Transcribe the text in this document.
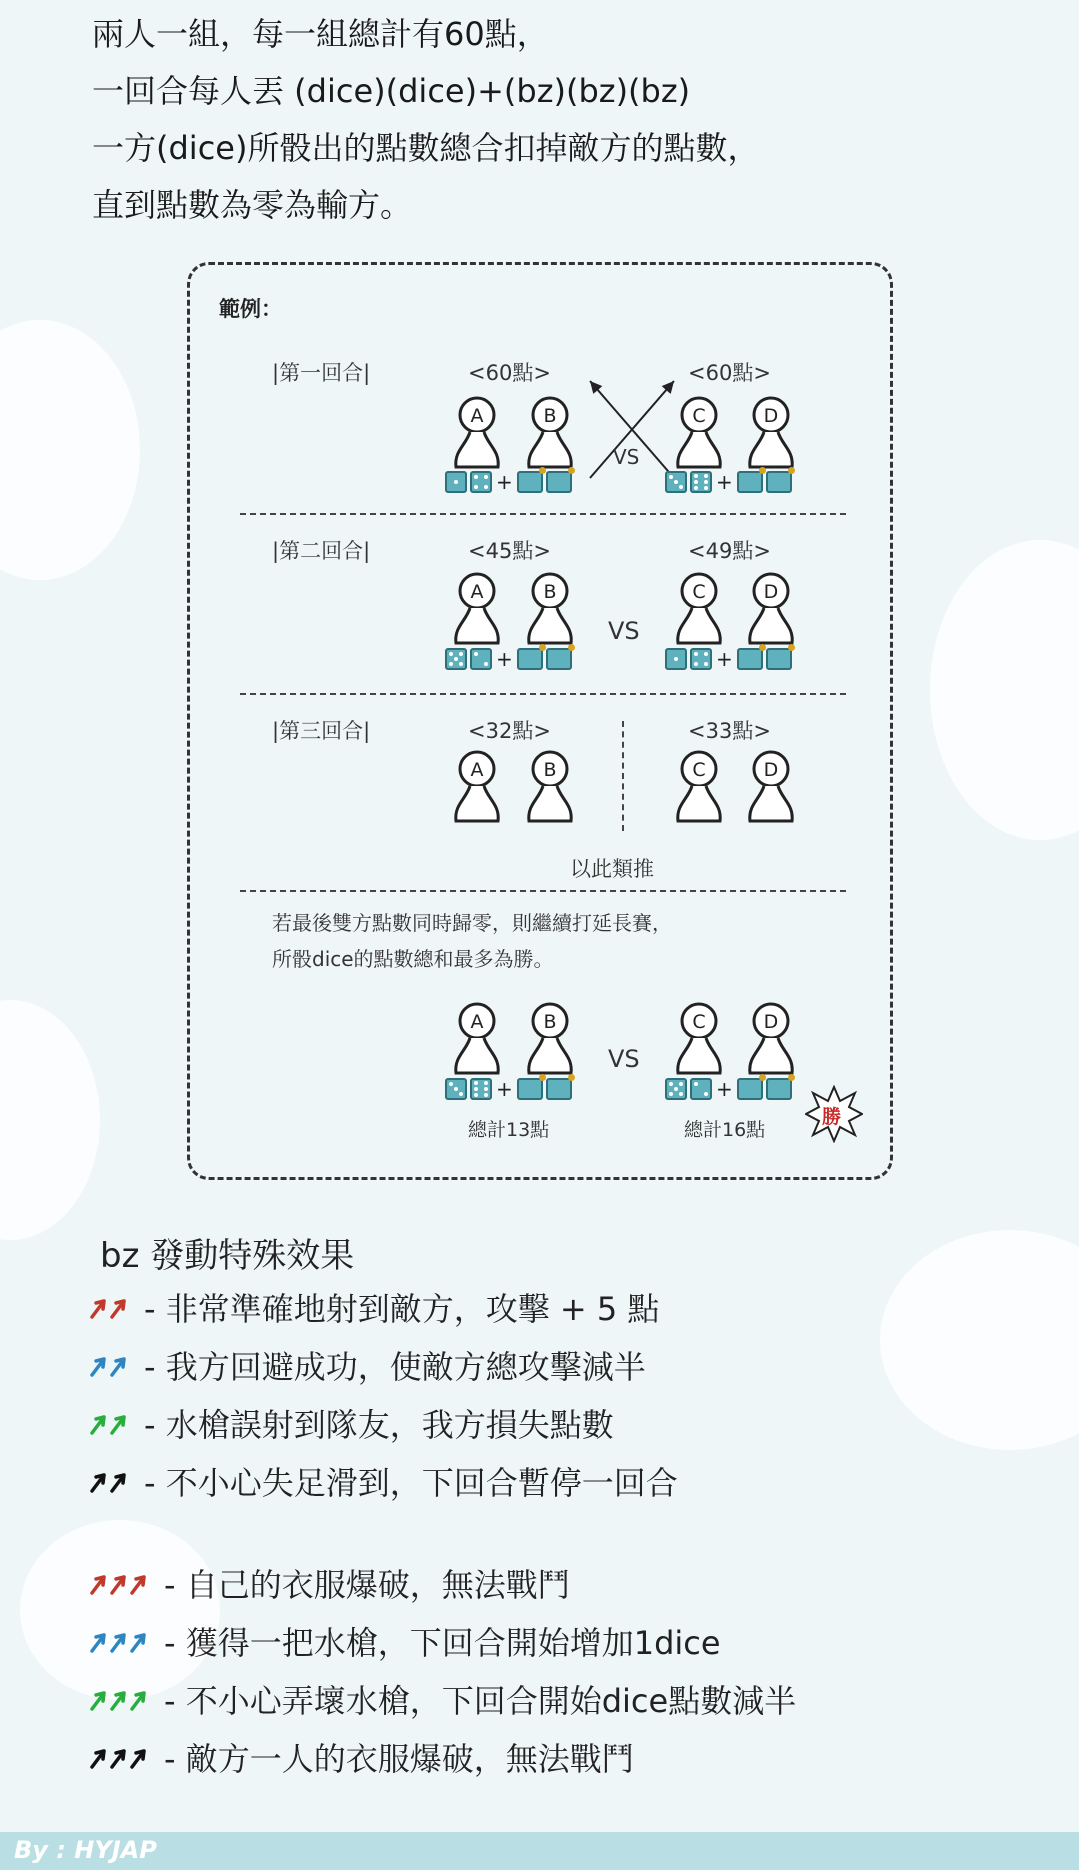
兩人一組，每一組總計有60點，

一回合每人丟 (dice)(dice)+(bz)(bz)(bz)

一方(dice)所骰出的點數總合扣掉敵方的點數，

直到點數為零為輸方。

範例：
|第一回合|	<60點>	<60點>
A	B	C	D
VS
+	+
|第二回合|	<45點>	<49點>
A	B	C	D
VS
+	+
|第三回合|	<32點>	<33點>
A	B	C	D
以此類推
若最後雙方點數同時歸零，則繼續打延長賽，
所骰dice的點數總和最多為勝。
A	B	C	D
VS
+	+
總計13點	總計16點
勝
bz 發動特殊效果
- 非常準確地射到敵方，攻擊 + 5 點
- 我方回避成功，使敵方總攻擊減半
- 水槍誤射到隊友，我方損失點數
- 不小心失足滑到，下回合暫停一回合
- 自己的衣服爆破，無法戰鬥
- 獲得一把水槍，下回合開始增加1dice
- 不小心弄壞水槍，下回合開始dice點數減半
- 敵方一人的衣服爆破，無法戰鬥
By : HYJAP
